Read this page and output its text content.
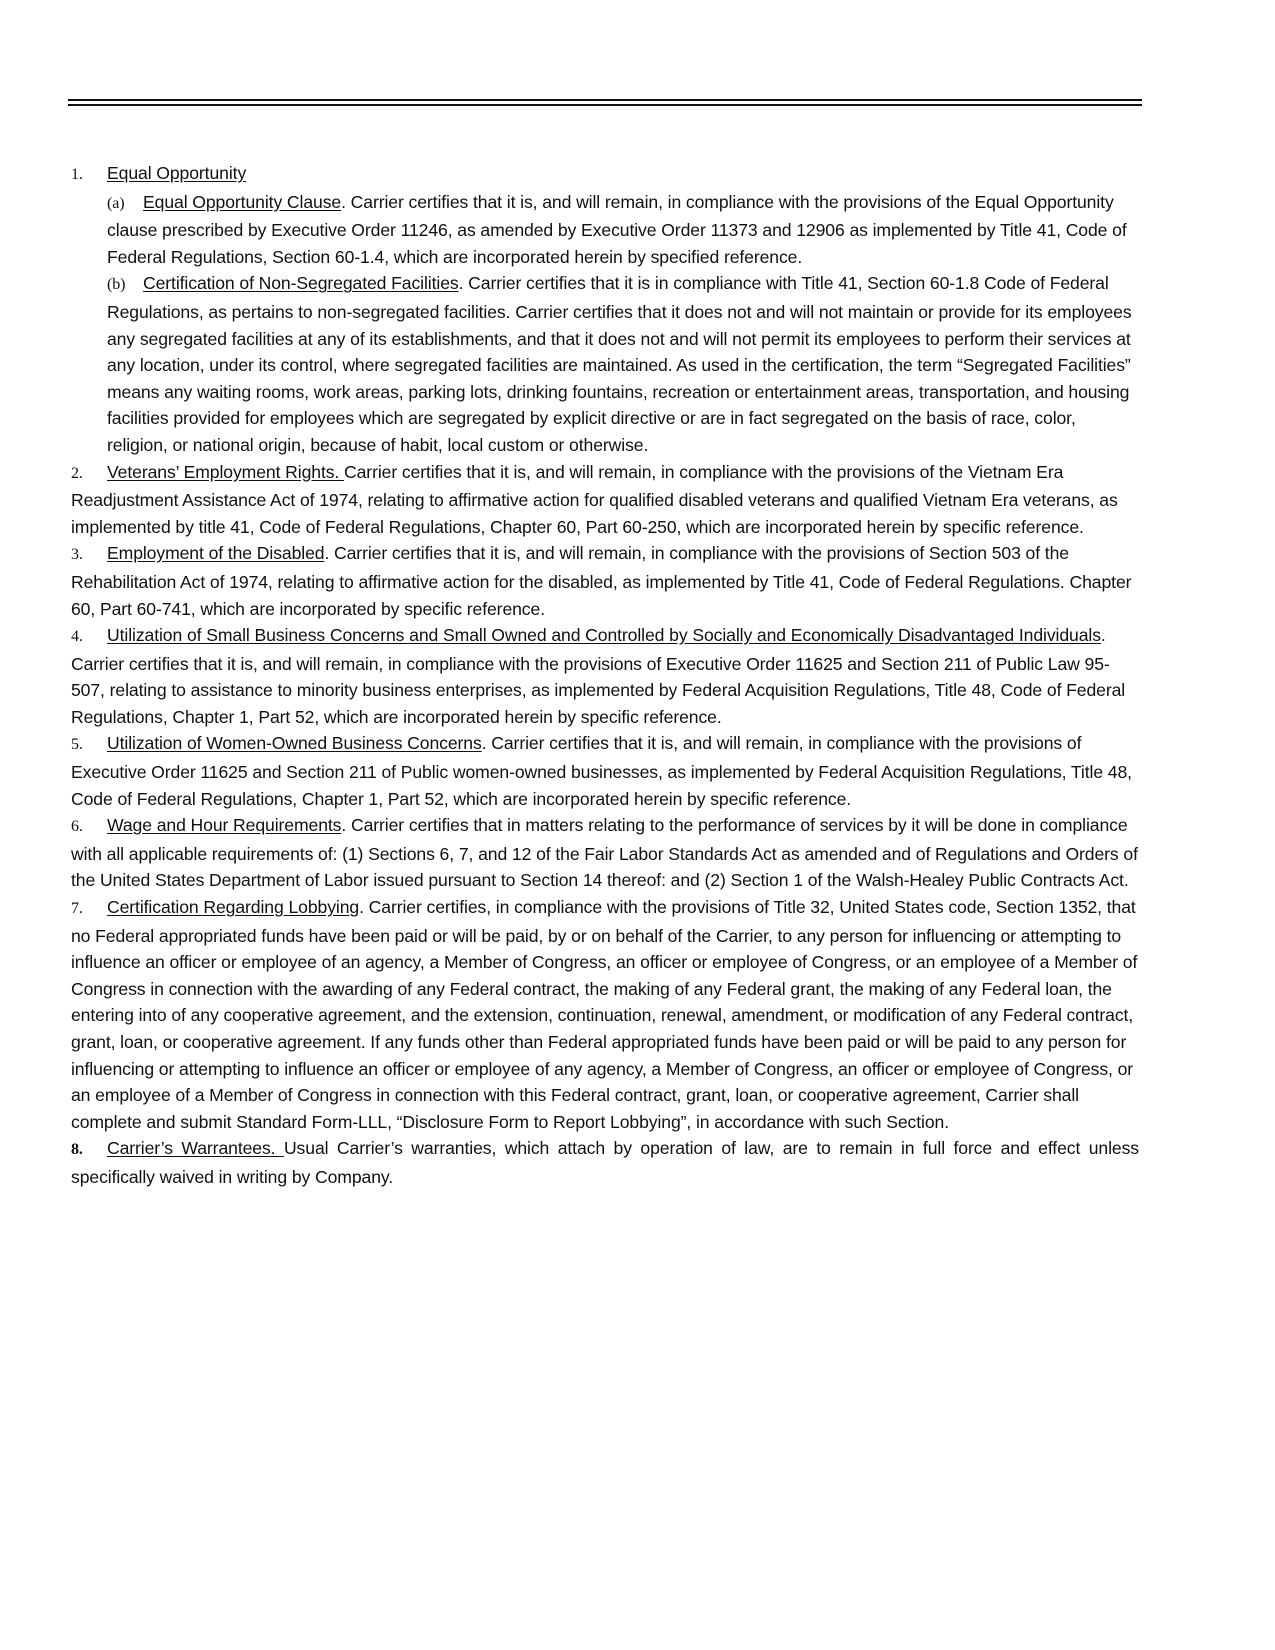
1. Equal Opportunity

(a) Equal Opportunity Clause. Carrier certifies that it is, and will remain, in compliance with the provisions of the Equal Opportunity clause prescribed by Executive Order 11246, as amended by Executive Order 11373 and 12906 as implemented by Title 41, Code of Federal Regulations, Section 60-1.4, which are incorporated herein by specified reference.

(b) Certification of Non-Segregated Facilities. Carrier certifies that it is in compliance with Title 41, Section 60-1.8 Code of Federal Regulations, as pertains to non-segregated facilities. Carrier certifies that it does not and will not maintain or provide for its employees any segregated facilities at any of its establishments, and that it does not and will not permit its employees to perform their services at any location, under its control, where segregated facilities are maintained. As used in the certification, the term “Segregated Facilities” means any waiting rooms, work areas, parking lots, drinking fountains, recreation or entertainment areas, transportation, and housing facilities provided for employees which are segregated by explicit directive or are in fact segregated on the basis of race, color, religion, or national origin, because of habit, local custom or otherwise.

2. Veterans’ Employment Rights. Carrier certifies that it is, and will remain, in compliance with the provisions of the Vietnam Era Readjustment Assistance Act of 1974, relating to affirmative action for qualified disabled veterans and qualified Vietnam Era veterans, as implemented by title 41, Code of Federal Regulations, Chapter 60, Part 60-250, which are incorporated herein by specific reference.

3. Employment of the Disabled. Carrier certifies that it is, and will remain, in compliance with the provisions of Section 503 of the Rehabilitation Act of 1974, relating to affirmative action for the disabled, as implemented by Title 41, Code of Federal Regulations. Chapter 60, Part 60-741, which are incorporated by specific reference.

4. Utilization of Small Business Concerns and Small Owned and Controlled by Socially and Economically Disadvantaged Individuals. Carrier certifies that it is, and will remain, in compliance with the provisions of Executive Order 11625 and Section 211 of Public Law 95-507, relating to assistance to minority business enterprises, as implemented by Federal Acquisition Regulations, Title 48, Code of Federal Regulations, Chapter 1, Part 52, which are incorporated herein by specific reference.

5. Utilization of Women-Owned Business Concerns. Carrier certifies that it is, and will remain, in compliance with the provisions of Executive Order 11625 and Section 211 of Public women-owned businesses, as implemented by Federal Acquisition Regulations, Title 48, Code of Federal Regulations, Chapter 1, Part 52, which are incorporated herein by specific reference.

6. Wage and Hour Requirements. Carrier certifies that in matters relating to the performance of services by it will be done in compliance with all applicable requirements of: (1) Sections 6, 7, and 12 of the Fair Labor Standards Act as amended and of Regulations and Orders of the United States Department of Labor issued pursuant to Section 14 thereof: and (2) Section 1 of the Walsh-Healey Public Contracts Act.

7. Certification Regarding Lobbying. Carrier certifies, in compliance with the provisions of Title 32, United States code, Section 1352, that no Federal appropriated funds have been paid or will be paid, by or on behalf of the Carrier, to any person for influencing or attempting to influence an officer or employee of an agency, a Member of Congress, an officer or employee of Congress, or an employee of a Member of Congress in connection with the awarding of any Federal contract, the making of any Federal grant, the making of any Federal loan, the entering into of any cooperative agreement, and the extension, continuation, renewal, amendment, or modification of any Federal contract, grant, loan, or cooperative agreement. If any funds other than Federal appropriated funds have been paid or will be paid to any person for influencing or attempting to influence an officer or employee of any agency, a Member of Congress, an officer or employee of Congress, or an employee of a Member of Congress in connection with this Federal contract, grant, loan, or cooperative agreement, Carrier shall complete and submit Standard Form-LLL, “Disclosure Form to Report Lobbying”, in accordance with such Section.

8. Carrier’s Warrantees. Usual Carrier’s warranties, which attach by operation of law, are to remain in full force and effect unless specifically waived in writing by Company.
